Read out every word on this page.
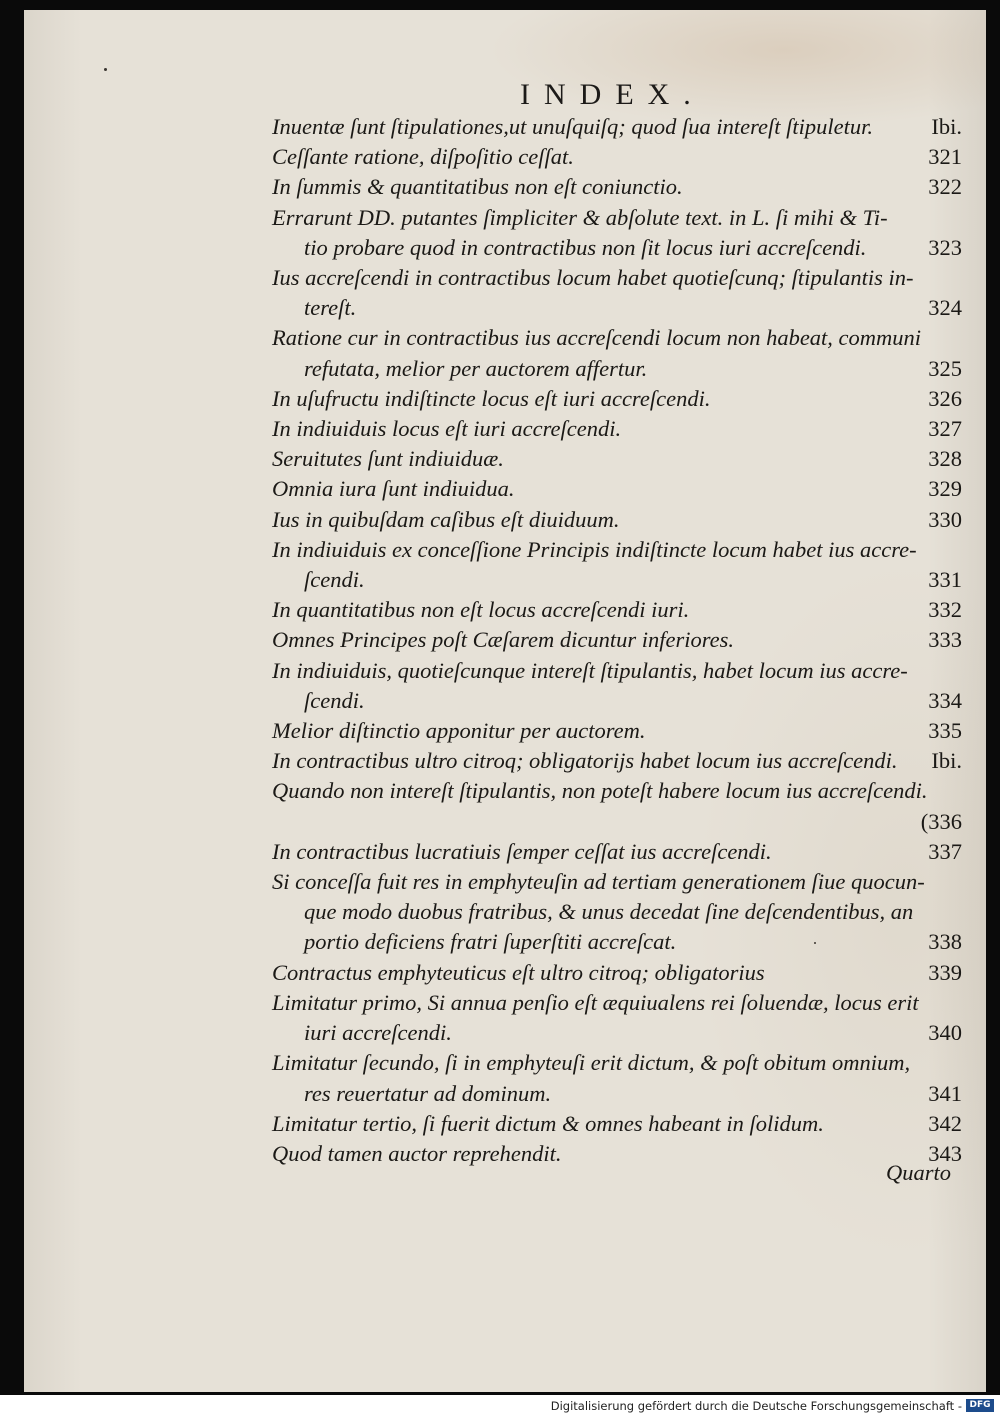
INDEX.
Inuentæ ſunt ſtipulationes,ut unuſquiſq; quod ſua intereſt ſtipuletur.	Ibi.
Ceſſante ratione, diſpoſitio ceſſat.	321
In ſummis & quantitatibus non eſt coniunctio.	322
Errarunt DD. putantes ſimpliciter & abſolute text. in L. ſi mihi & Ti-
tio probare quod in contractibus non ſit locus iuri accreſcendi.	323
Ius accreſcendi in contractibus locum habet quotieſcunq; ſtipulantis in-
tereſt.	324
Ratione cur in contractibus ius accreſcendi locum non habeat, communi
refutata, melior per auctorem affertur.	325
In uſufructu indiſtincte locus eſt iuri accreſcendi.	326
In indiuiduis locus eſt iuri accreſcendi.	327
Seruitutes ſunt indiuiduæ.	328
Omnia iura ſunt indiuidua.	329
Ius in quibuſdam caſibus eſt diuiduum.	330
In indiuiduis ex conceſſione Principis indiſtincte locum habet ius accre-
ſcendi.	331
In quantitatibus non eſt locus accreſcendi iuri.	332
Omnes Principes poſt Cæſarem dicuntur inferiores.	333
In indiuiduis, quotieſcunque intereſt ſtipulantis, habet locum ius accre-
ſcendi.	334
Melior diſtinctio apponitur per auctorem.	335
In contractibus ultro citroq; obligatorijs habet locum ius accreſcendi.	Ibi.
Quando non intereſt ſtipulantis, non poteſt habere locum ius accreſcendi.
(336
In contractibus lucratiuis ſemper ceſſat ius accreſcendi.	337
Si conceſſa fuit res in emphyteuſin ad tertiam generationem ſiue quocun-
que modo duobus fratribus, & unus decedat ſine deſcendentibus, an
portio deficiens fratri ſuperſtiti accreſcat.	338
Contractus emphyteuticus eſt ultro citroq; obligatorius	339
Limitatur primo, Si annua penſio eſt æquiualens rei ſoluendæ, locus erit
iuri accreſcendi.	340
Limitatur ſecundo, ſi in emphyteuſi erit dictum, & poſt obitum omnium,
res reuertatur ad dominum.	341
Limitatur tertio, ſi fuerit dictum & omnes habeant in ſolidum.	342
Quod tamen auctor reprehendit.	343
Quarto
Digitalisierung gefördert durch die Deutsche Forschungsgemeinschaft - DFG
